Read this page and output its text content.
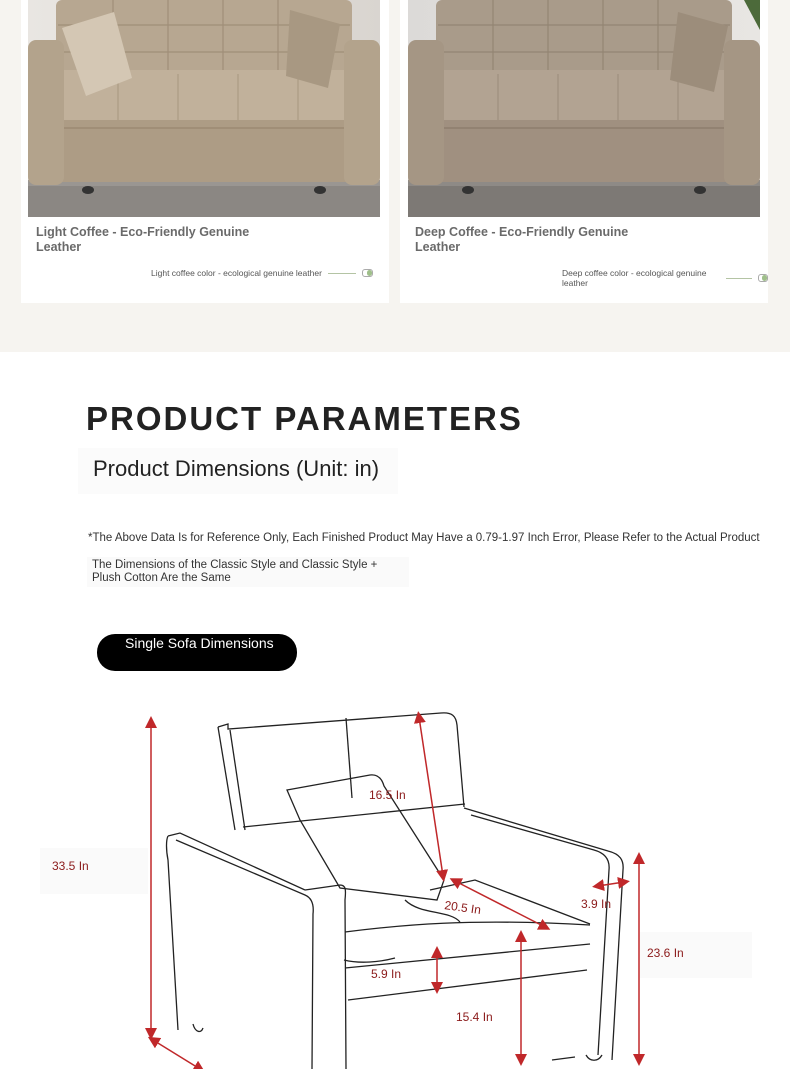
Light Coffee - Eco-Friendly Genuine Leather
Light coffee color - ecological genuine leather
Deep Coffee - Eco-Friendly Genuine Leather
Deep coffee color - ecological genuine leather
PRODUCT PARAMETERS
Product Dimensions (Unit: in)
*The Above Data Is for Reference Only, Each Finished Product May Have a 0.79-1.97 Inch Error, Please Refer to the Actual Product
The Dimensions of the Classic Style and Classic Style + Plush Cotton Are the Same
Single Sofa Dimensions
33.5 In
16.5 In
20.5 In	3.9 In
23.6 In
5.9 In
15.4 In
